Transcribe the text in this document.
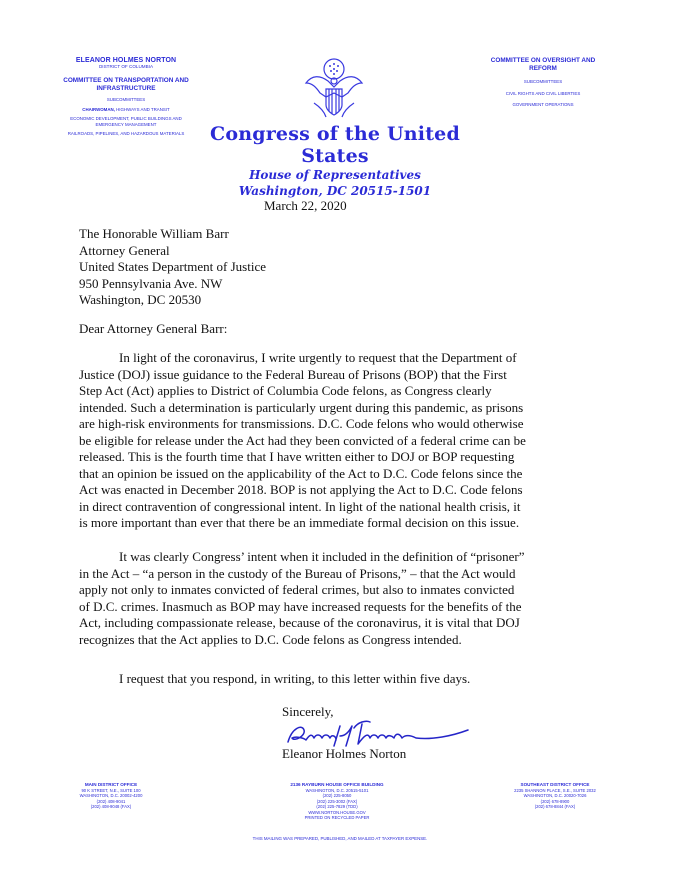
ELEANOR HOLMES NORTON
DISTRICT OF COLUMBIA
COMMITTEE ON TRANSPORTATION AND INFRASTRUCTURE
SUBCOMMITTEES
CHAIRWOMAN, HIGHWAYS AND TRANSIT
ECONOMIC DEVELOPMENT, PUBLIC BUILDINGS AND EMERGENCY MANAGEMENT
RAILROADS, PIPELINES, AND HAZARDOUS MATERIALS
COMMITTEE ON OVERSIGHT AND REFORM
SUBCOMMITTEES
CIVIL RIGHTS AND CIVIL LIBERTIES
GOVERNMENT OPERATIONS
Congress of the United States
House of Representatives
Washington, DC 20515-1501
March 22, 2020
The Honorable William Barr
Attorney General
United States Department of Justice
950 Pennsylvania Ave. NW
Washington, DC 20530
Dear Attorney General Barr:
In light of the coronavirus, I write urgently to request that the Department of Justice (DOJ) issue guidance to the Federal Bureau of Prisons (BOP) that the First Step Act (Act) applies to District of Columbia Code felons, as Congress clearly intended. Such a determination is particularly urgent during this pandemic, as prisons are high-risk environments for transmissions. D.C. Code felons who would otherwise be eligible for release under the Act had they been convicted of a federal crime can be released. This is the fourth time that I have written either to DOJ or BOP requesting that an opinion be issued on the applicability of the Act to D.C. Code felons since the Act was enacted in December 2018. BOP is not applying the Act to D.C. Code felons in direct contravention of congressional intent. In light of the national health crisis, it is more important than ever that there be an immediate formal decision on this issue.
It was clearly Congress’ intent when it included in the definition of “prisoner” in the Act – “a person in the custody of the Bureau of Prisons,” – that the Act would apply not only to inmates convicted of federal crimes, but also to inmates convicted of D.C. crimes. Inasmuch as BOP may have increased requests for the benefits of the Act, including compassionate release, because of the coronavirus, it is vital that DOJ recognizes that the Act applies to D.C. Code felons as Congress intended.
I request that you respond, in writing, to this letter within five days.
Sincerely,
Eleanor Holmes Norton
MAIN DISTRICT OFFICE
90 K STREET, N.E., SUITE 100
WASHINGTON, D.C. 20002-4200
(202) 408-9041
(202) 408-9048 (FAX)
2136 RAYBURN HOUSE OFFICE BUILDING
WASHINGTON, D.C. 20515-5101
(202) 225-8050
(202) 225-3002 (FAX)
(202) 225-7829 (TDD)
WWW.NORTON.HOUSE.GOV
PRINTED ON RECYCLED PAPER
SOUTHEAST DISTRICT OFFICE
2235 SHANNON PLACE, S.E., SUITE 2032
WASHINGTON, D.C. 20020-7026
(202) 678-8900
(202) 678-8844 (FAX)
THIS MAILING WAS PREPARED, PUBLISHED, AND MAILED AT TAXPAYER EXPENSE.
